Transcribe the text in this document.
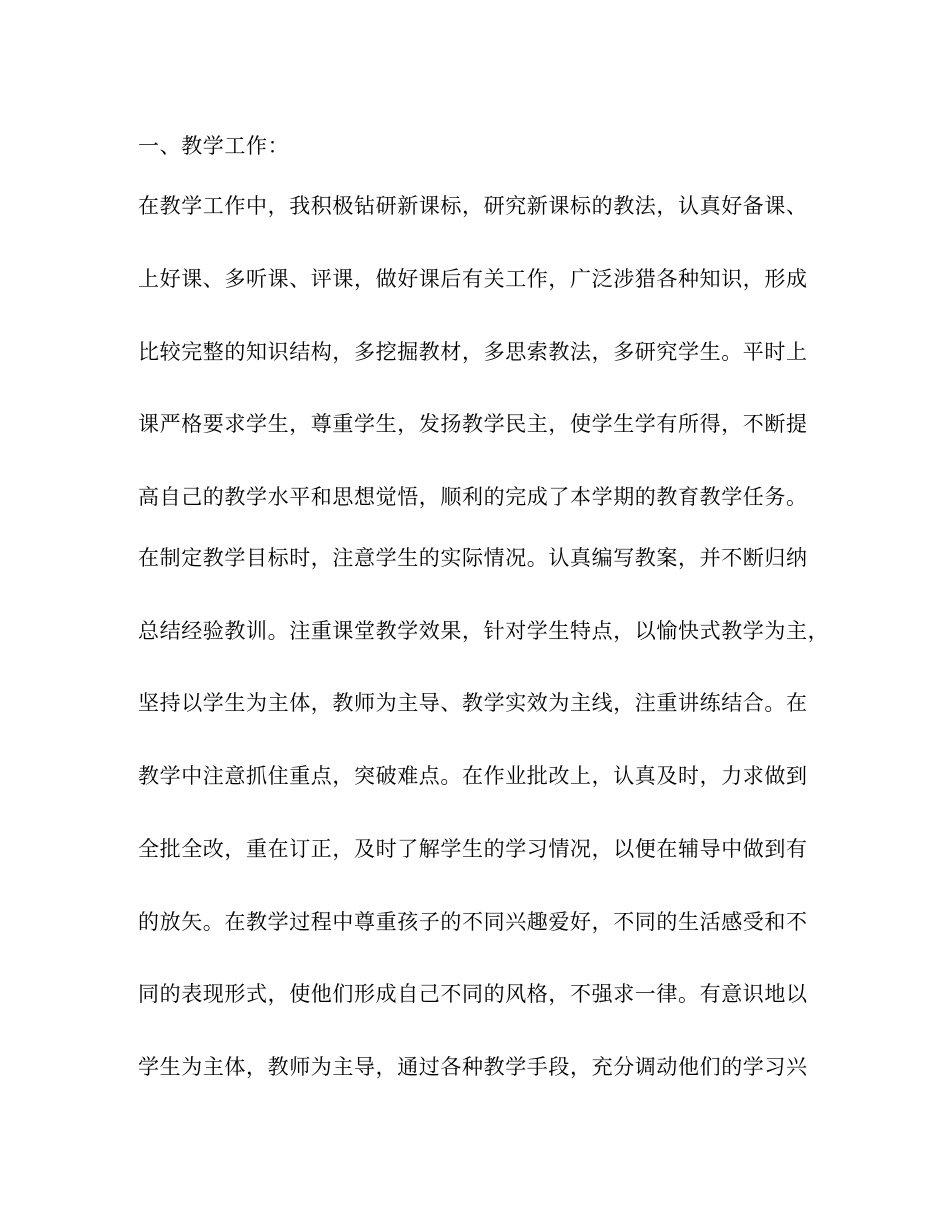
一、教学工作：
在教学工作中，我积极钻研新课标，研究新课标的教法，认真好备课、
上好课、多听课、评课，做好课后有关工作，广泛涉猎各种知识，形成
比较完整的知识结构，多挖掘教材，多思索教法，多研究学生。平时上
课严格要求学生，尊重学生，发扬教学民主，使学生学有所得，不断提
高自己的教学水平和思想觉悟，顺利的完成了本学期的教育教学任务。
在制定教学目标时，注意学生的实际情况。认真编写教案，并不断归纳
总结经验教训。注重课堂教学效果，针对学生特点，以愉快式教学为主，
坚持以学生为主体，教师为主导、教学实效为主线，注重讲练结合。在
教学中注意抓住重点，突破难点。在作业批改上，认真及时，力求做到
全批全改，重在订正，及时了解学生的学习情况，以便在辅导中做到有
的放矢。在教学过程中尊重孩子的不同兴趣爱好，不同的生活感受和不
同的表现形式，使他们形成自己不同的风格，不强求一律。有意识地以
学生为主体，教师为主导，通过各种教学手段，充分调动他们的学习兴
